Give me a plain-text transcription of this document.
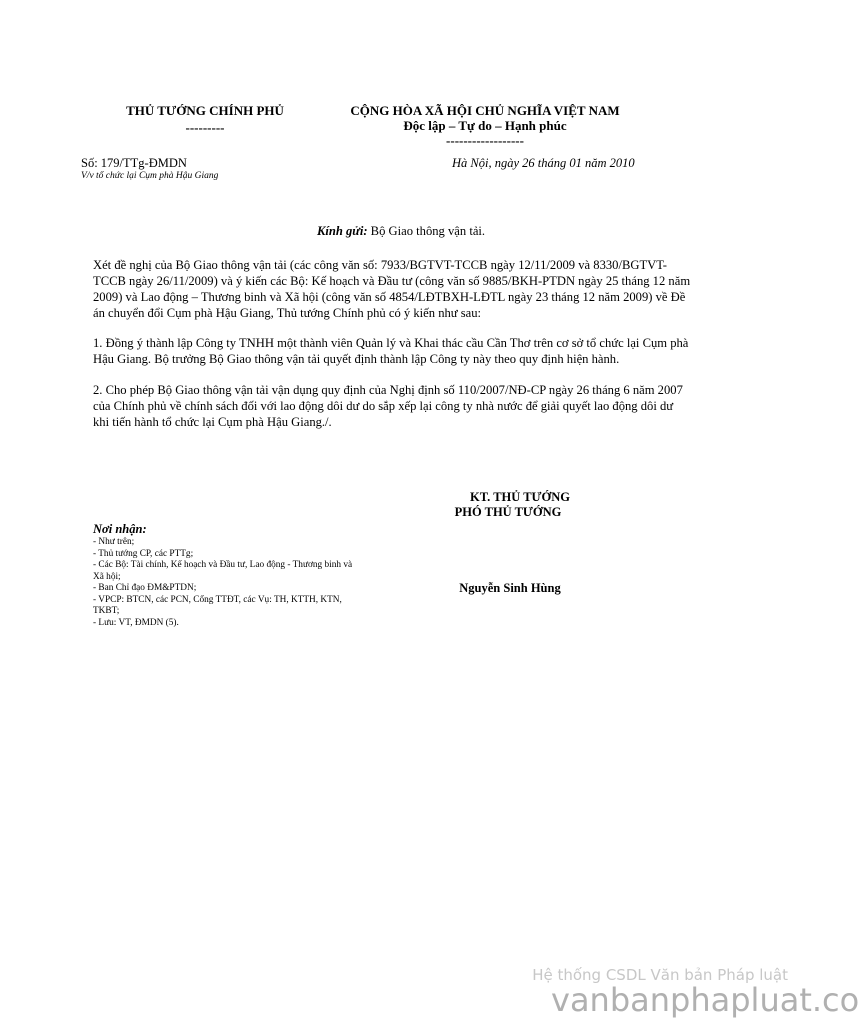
THỦ TƯỚNG CHÍNH PHỦ
---------
CỘNG HÒA XÃ HỘI CHỦ NGHĨA VIỆT NAM
Độc lập – Tự do – Hạnh phúc
------------------
Số: 179/TTg-ĐMDN
V/v tổ chức lại Cụm phà Hậu Giang
Hà Nội, ngày 26 tháng 01 năm 2010
Kính gửi: Bộ Giao thông vận tải.
Xét đề nghị của Bộ Giao thông vận tải (các công văn số: 7933/BGTVT-TCCB ngày 12/11/2009 và 8330/BGTVT-TCCB ngày 26/11/2009) và ý kiến các Bộ: Kế hoạch và Đầu tư (công văn số 9885/BKH-PTDN ngày 25 tháng 12 năm 2009) và Lao động – Thương binh và Xã hội (công văn số 4854/LĐTBXH-LĐTL ngày 23 tháng 12 năm 2009) về Đề án chuyển đổi Cụm phà Hậu Giang, Thủ tướng Chính phủ có ý kiến như sau:
1. Đồng ý thành lập Công ty TNHH một thành viên Quản lý và Khai thác cầu Cần Thơ trên cơ sở tổ chức lại Cụm phà Hậu Giang. Bộ trưởng Bộ Giao thông vận tải quyết định thành lập Công ty này theo quy định hiện hành.
2. Cho phép Bộ Giao thông vận tải vận dụng quy định của Nghị định số 110/2007/NĐ-CP ngày 26 tháng 6 năm 2007 của Chính phủ về chính sách đối với lao động dôi dư do sắp xếp lại công ty nhà nước để giải quyết lao động dôi dư khi tiến hành tổ chức lại Cụm phà Hậu Giang./.
Nơi nhận:
- Như trên;
- Thủ tướng CP, các PTTg;
- Các Bộ: Tài chính, Kế hoạch và Đầu tư, Lao động - Thương binh và Xã hội;
- Ban Chỉ đạo ĐM&PTDN;
- VPCP: BTCN, các PCN, Cổng TTĐT, các Vụ: TH, KTTH, KTN, TKBT;
- Lưu: VT, ĐMDN (5).
KT. THỦ TƯỚNG
PHÓ THỦ TƯỚNG
Nguyễn Sinh Hùng
Hệ thống CSDL Văn bản Pháp luật
vanbanphapluat.co
